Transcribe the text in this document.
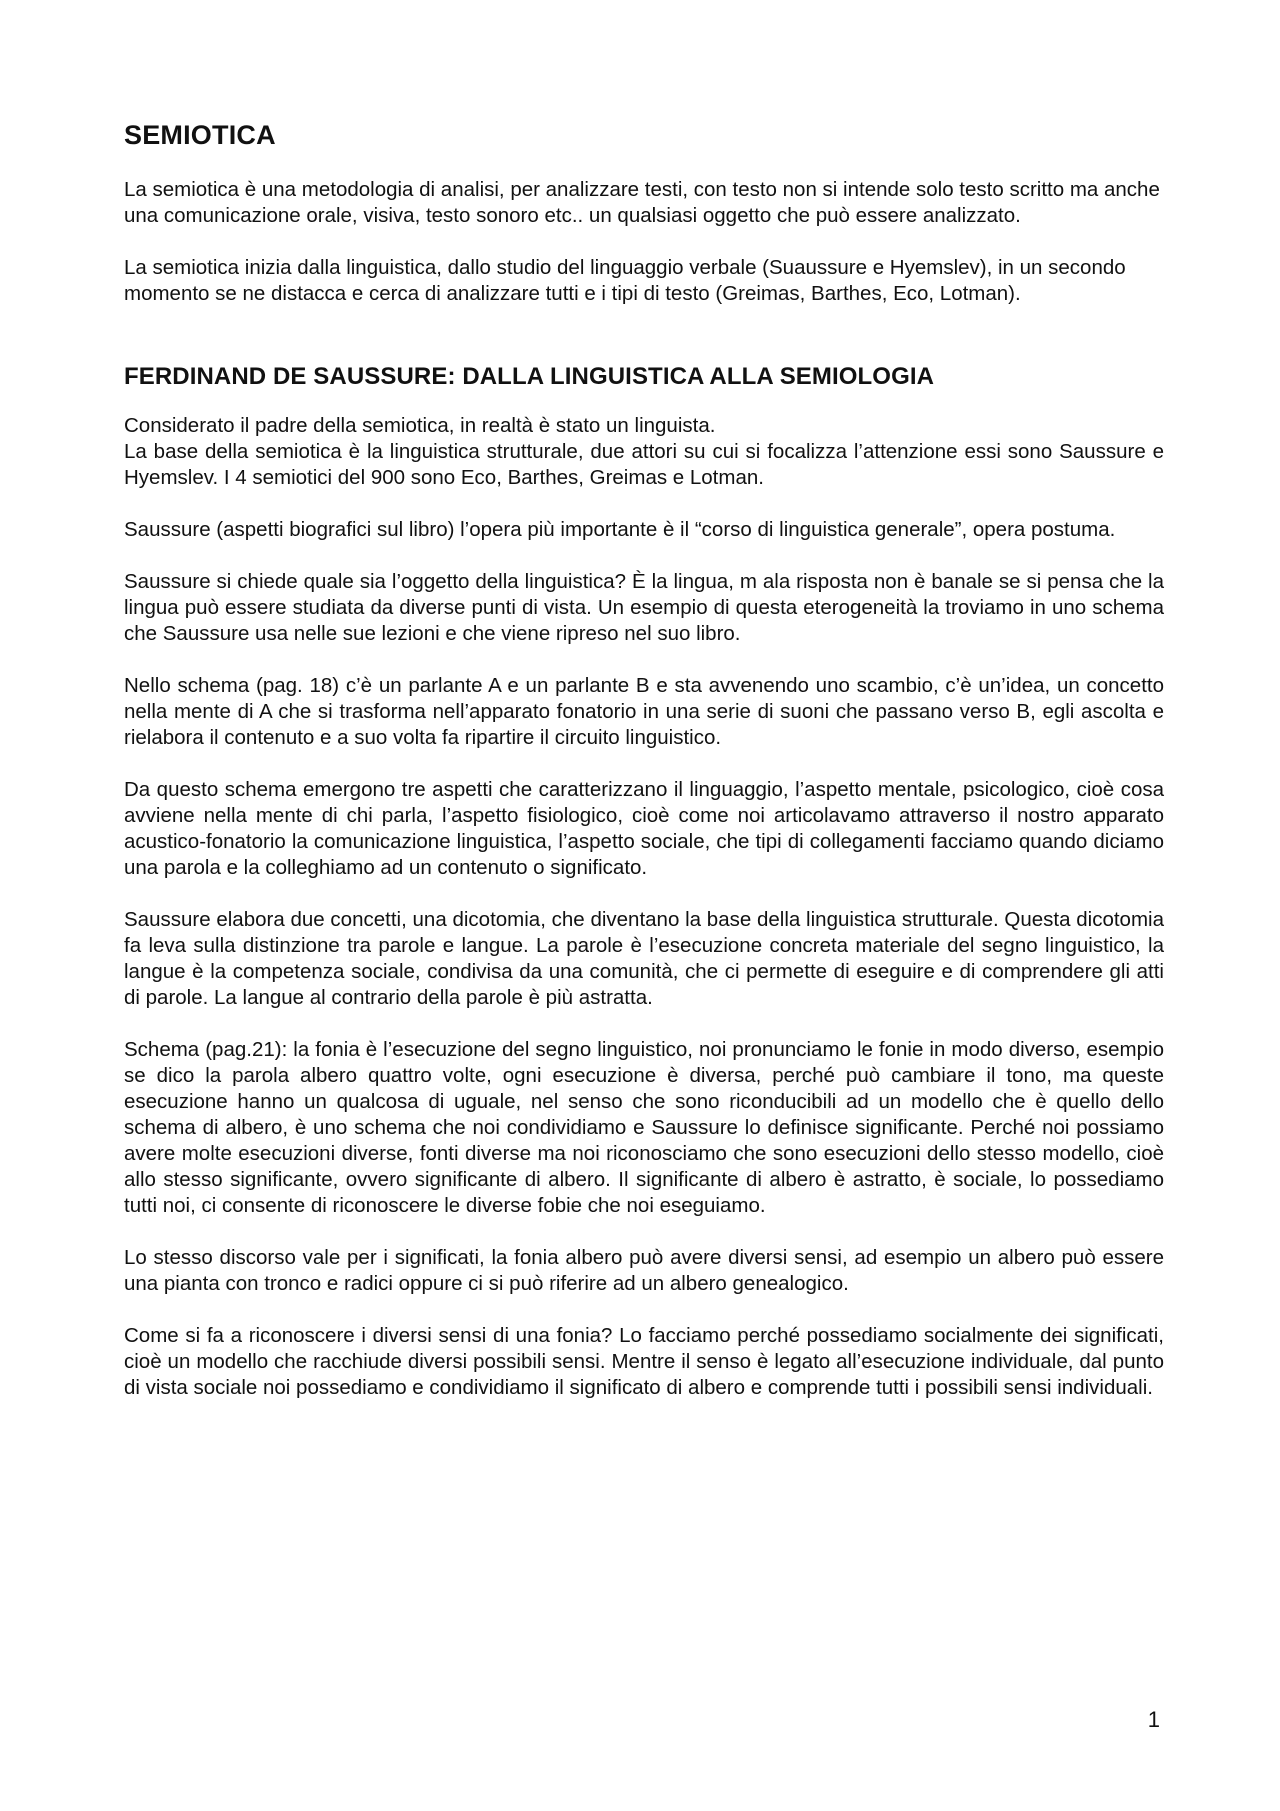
SEMIOTICA

La semiotica è una metodologia di analisi, per analizzare testi, con testo non si intende solo testo scritto ma anche una comunicazione orale, visiva, testo sonoro etc.. un qualsiasi oggetto che può essere analizzato.

La semiotica inizia dalla linguistica, dallo studio del linguaggio verbale (Suaussure e Hyemslev), in un secondo momento se ne distacca e cerca di analizzare tutti e i tipi di testo (Greimas, Barthes, Eco, Lotman).

FERDINAND DE SAUSSURE: DALLA LINGUISTICA ALLA SEMIOLOGIA

Considerato il padre della semiotica, in realtà è stato un linguista.
La base della semiotica è la linguistica strutturale, due attori su cui si focalizza l’attenzione essi sono Saussure e Hyemslev. I 4 semiotici del 900 sono Eco, Barthes, Greimas e Lotman.

Saussure (aspetti biografici sul libro) l’opera più importante è il “corso di linguistica generale”, opera postuma.

Saussure si chiede quale sia l’oggetto della linguistica? È la lingua, m ala risposta non è banale se si pensa che la lingua può essere studiata da diverse punti di vista. Un esempio di questa eterogeneità la troviamo in uno schema che Saussure usa nelle sue lezioni e che viene ripreso nel suo libro.

Nello schema (pag. 18) c’è un parlante A e un parlante B e sta avvenendo uno scambio, c’è un’idea, un concetto nella mente di A che si trasforma nell’apparato fonatorio in una serie di suoni che passano verso B, egli ascolta e rielabora il contenuto e a suo volta fa ripartire il circuito linguistico.

Da questo schema emergono tre aspetti che caratterizzano il linguaggio, l’aspetto mentale, psicologico, cioè cosa avviene nella mente di chi parla, l’aspetto fisiologico, cioè come noi articolavamo attraverso il nostro apparato acustico-fonatorio la comunicazione linguistica, l’aspetto sociale, che tipi di collegamenti facciamo quando diciamo una parola e la colleghiamo ad un contenuto o significato.

Saussure elabora due concetti, una dicotomia, che diventano la base della linguistica strutturale. Questa dicotomia fa leva sulla distinzione tra parole e langue. La parole è l’esecuzione concreta materiale del segno linguistico, la langue è la competenza sociale, condivisa da una comunità, che ci permette di eseguire e di comprendere gli atti di parole. La langue al contrario della parole è più astratta.

Schema (pag.21): la fonia è l’esecuzione del segno linguistico, noi pronunciamo le fonie in modo diverso, esempio se dico la parola albero quattro volte, ogni esecuzione è diversa, perché può cambiare il tono, ma queste esecuzione hanno un qualcosa di uguale, nel senso che sono riconducibili ad un modello che è quello dello schema di albero, è uno schema che noi condividiamo e Saussure lo definisce significante. Perché noi possiamo avere molte esecuzioni diverse, fonti diverse ma noi riconosciamo che sono esecuzioni dello stesso modello, cioè allo stesso significante, ovvero significante di albero. Il significante di albero è astratto, è sociale, lo possediamo tutti noi, ci consente di riconoscere le diverse fobie che noi eseguiamo.

Lo stesso discorso vale per i significati, la fonia albero può avere diversi sensi, ad esempio un albero può essere una pianta con tronco e radici oppure ci si può riferire ad un albero genealogico.

Come si fa a riconoscere i diversi sensi di una fonia? Lo facciamo perché possediamo socialmente dei significati, cioè un modello che racchiude diversi possibili sensi. Mentre il senso è legato all’esecuzione individuale, dal punto di vista sociale noi possediamo e condividiamo il significato di albero e comprende tutti i possibili sensi individuali.

1
